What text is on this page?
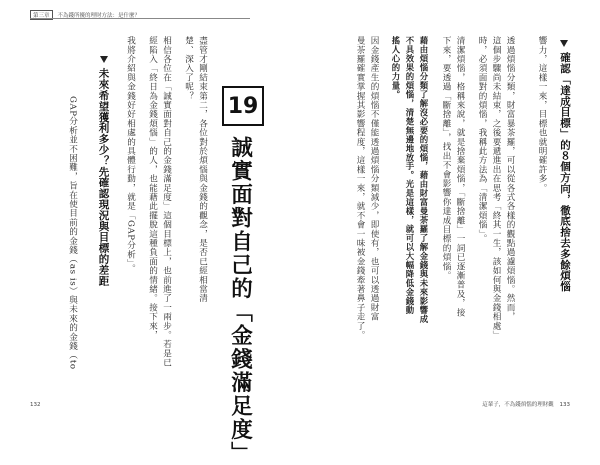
第三章	不為錢所擾的理財方法：是什麼？
響力，這樣一來，目標也就明確許多。 確認「達成目標」的８個方向，徹底捨去多餘煩惱
透過煩惱分類，財富暴茶羅，可以從各式各樣的觀點過濾煩惱。然而，
這個步驟尚未結束，之後要遞進出在思考「終其一生，該如何與金錢相處」
時，必須面對的煩惱，我稱此方法為「清潔煩惱」。
清潔煩惱，格稱來說，就是捨棄煩惱，「斷捨離」一詞已逐漸普及，接
下來，要透過「斷捨離」，找出不會影響你達成目標的煩惱。
藉由煩惱分類了解沒必要的煩惱，藉由財富曼荼羅了解金錢與未來影響成
不具效果的煩惱，清楚無邊地放手。光是這樣，就可以大幅降低金錢動
搖人心的力量。
因金錢產生的煩惱不僅能透過煩惱分類減少，即使有，也可以透過財富
曼荼羅確實掌握其影響程度，這樣一來，就不會一味被金錢牽著鼻子走了。
19
誠實面對自己的「金錢滿足度」
盡管才剛結束第二，各位對於煩惱與金錢的觀念，是否已經相當清
楚、深入了呢？
相信各位在「誠實面對自己的金錢滿足度」這個目標上，也前進了一兩步。若是已
經陷入「終日為金錢煩惱」的人，也能藉此擺脫這種負面的情緒。接下來，
我將介紹與金錢好好相處的具體行動，就是「GAP分析」。
未來希望獲利多少？先確認現況與目標的差距
GAP分析並不困難，旨在使目前的金錢（as is）與未來的金錢（to
132	這輩子，不為錢煩惱的理財觀 133
